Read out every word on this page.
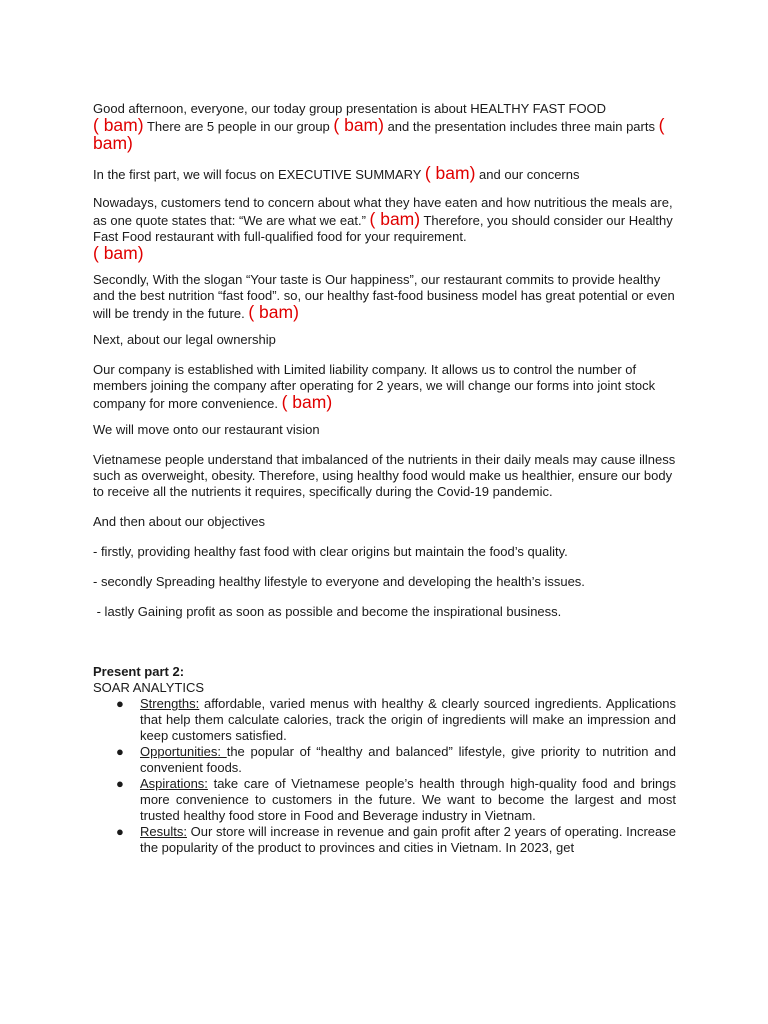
Good afternoon, everyone, our today group presentation is about HEALTHY FAST FOOD
( bam) There are 5 people in our group ( bam) and the presentation includes three main parts ( bam)

In the first part, we will focus on EXECUTIVE SUMMARY ( bam) and our concerns

Nowadays, customers tend to concern about what they have eaten and how nutritious the meals are, as one quote states that: “We are what we eat.” ( bam) Therefore, you should consider our Healthy Fast Food restaurant with full-qualified food for your requirement.
( bam)

Secondly, With the slogan “Your taste is Our happiness”, our restaurant commits to provide healthy and the best nutrition “fast food”. so, our healthy fast-food business model has great potential or even will be trendy in the future. ( bam)

Next, about our legal ownership

Our company is established with Limited liability company. It allows us to control the number of members joining the company after operating for 2 years, we will change our forms into joint stock company for more convenience. ( bam)

We will move onto our restaurant vision

Vietnamese people understand that imbalanced of the nutrients in their daily meals may cause illness such as overweight, obesity. Therefore, using healthy food would make us healthier, ensure our body to receive all the nutrients it requires, specifically during the Covid-19 pandemic.

And then about our objectives

- firstly, providing healthy fast food with clear origins but maintain the food’s quality.

- secondly Spreading healthy lifestyle to everyone and developing the health’s issues.

- lastly Gaining profit as soon as possible and become the inspirational business.

Present part 2:

SOAR ANALYTICS

● Strengths: affordable, varied menus with healthy & clearly sourced ingredients. Applications that help them calculate calories, track the origin of ingredients will make an impression and keep customers satisfied.
● Opportunities: the popular of “healthy and balanced” lifestyle, give priority to nutrition and convenient foods.
● Aspirations: take care of Vietnamese people’s health through high-quality food and brings more convenience to customers in the future. We want to become the largest and most trusted healthy food store in Food and Beverage industry in Vietnam.
● Results: Our store will increase in revenue and gain profit after 2 years of operating. Increase the popularity of the product to provinces and cities in Vietnam. In 2023, get
